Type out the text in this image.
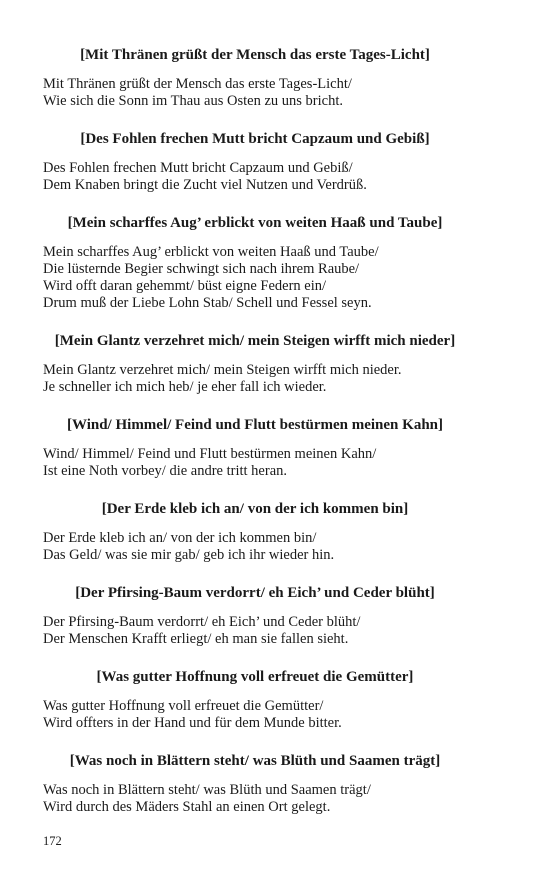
[Mit Thränen grüßt der Mensch das erste Tages-Licht]
Mit Thränen grüßt der Mensch das erste Tages-Licht/
Wie sich die Sonn im Thau aus Osten zu uns bricht.
[Des Fohlen frechen Mutt bricht Capzaum und Gebiß]
Des Fohlen frechen Mutt bricht Capzaum und Gebiß/
Dem Knaben bringt die Zucht viel Nutzen und Verdrüß.
[Mein scharffes Aug’ erblickt von weiten Haaß und Taube]
Mein scharffes Aug’ erblickt von weiten Haaß und Taube/
Die lüsternde Begier schwingt sich nach ihrem Raube/
Wird offt daran gehemmt/ büst eigne Federn ein/
Drum muß der Liebe Lohn Stab/ Schell und Fessel seyn.
[Mein Glantz verzehret mich/ mein Steigen wirfft mich nieder]
Mein Glantz verzehret mich/ mein Steigen wirfft mich nieder.
Je schneller ich mich heb/ je eher fall ich wieder.
[Wind/ Himmel/ Feind und Flutt bestürmen meinen Kahn]
Wind/ Himmel/ Feind und Flutt bestürmen meinen Kahn/
Ist eine Noth vorbey/ die andre tritt heran.
[Der Erde kleb ich an/ von der ich kommen bin]
Der Erde kleb ich an/ von der ich kommen bin/
Das Geld/ was sie mir gab/ geb ich ihr wieder hin.
[Der Pfirsing-Baum verdorrt/ eh Eich’ und Ceder blüht]
Der Pfirsing-Baum verdorrt/ eh Eich’ und Ceder blüht/
Der Menschen Krafft erliegt/ eh man sie fallen sieht.
[Was gutter Hoffnung voll erfreuet die Gemütter]
Was gutter Hoffnung voll erfreuet die Gemütter/
Wird offters in der Hand und für dem Munde bitter.
[Was noch in Blättern steht/ was Blüth und Saamen trägt]
Was noch in Blättern steht/ was Blüth und Saamen trägt/
Wird durch des Mäders Stahl an einen Ort gelegt.
172
